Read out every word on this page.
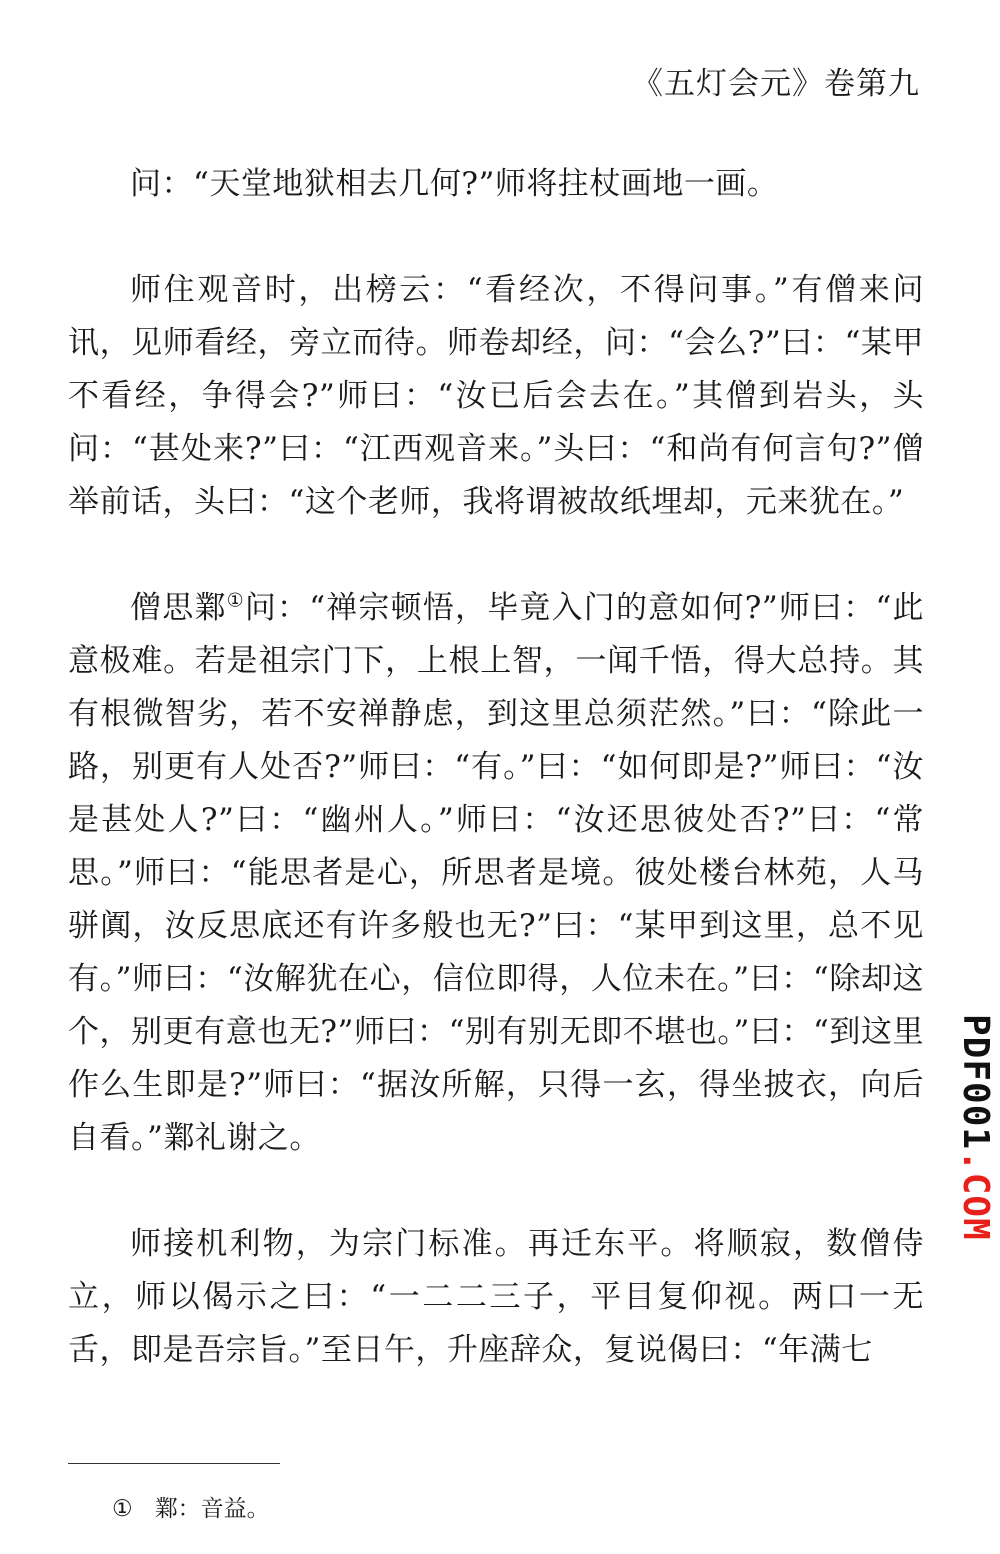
《五灯会元》卷第九

问：“天堂地狱相去几何?”师将拄杖画地一画。

师住观音时，出榜云：“看经次，不得问事。”有僧来问讯，见师看经，旁立而待。师卷却经，问：“会么?”曰：“某甲不看经，争得会?”师曰：“汝已后会去在。”其僧到岩头，头问：“甚处来?”曰：“江西观音来。”头曰：“和尚有何言句?”僧举前话，头曰：“这个老师，我将谓被故纸埋却，元来犹在。”

僧思鄴①问：“禅宗顿悟，毕竟入门的意如何?”师曰：“此意极难。若是祖宗门下，上根上智，一闻千悟，得大总持。其有根微智劣，若不安禅静虑，到这里总须茫然。”曰：“除此一路，别更有人处否?”师曰：“有。”曰：“如何即是?”师曰：“汝是甚处人?”曰：“幽州人。”师曰：“汝还思彼处否?”曰：“常思。”师曰：“能思者是心，所思者是境。彼处楼台林苑，人马骈阗，汝反思底还有许多般也无?”曰：“某甲到这里，总不见有。”师曰：“汝解犹在心，信位即得，人位未在。”曰：“除却这个，别更有意也无?”师曰：“别有别无即不堪也。”曰：“到这里作么生即是?”师曰：“据汝所解，只得一玄，得坐披衣，向后自看。”鄴礼谢之。

师接机利物，为宗门标准。再迁东平。将顺寂，数僧侍立，师以偈示之曰：“一二二三子，平目复仰视。两口一无舌，即是吾宗旨。”至日午，升座辞众，复说偈曰：“年满七

① 鄴：音益。
PDF001.COM
